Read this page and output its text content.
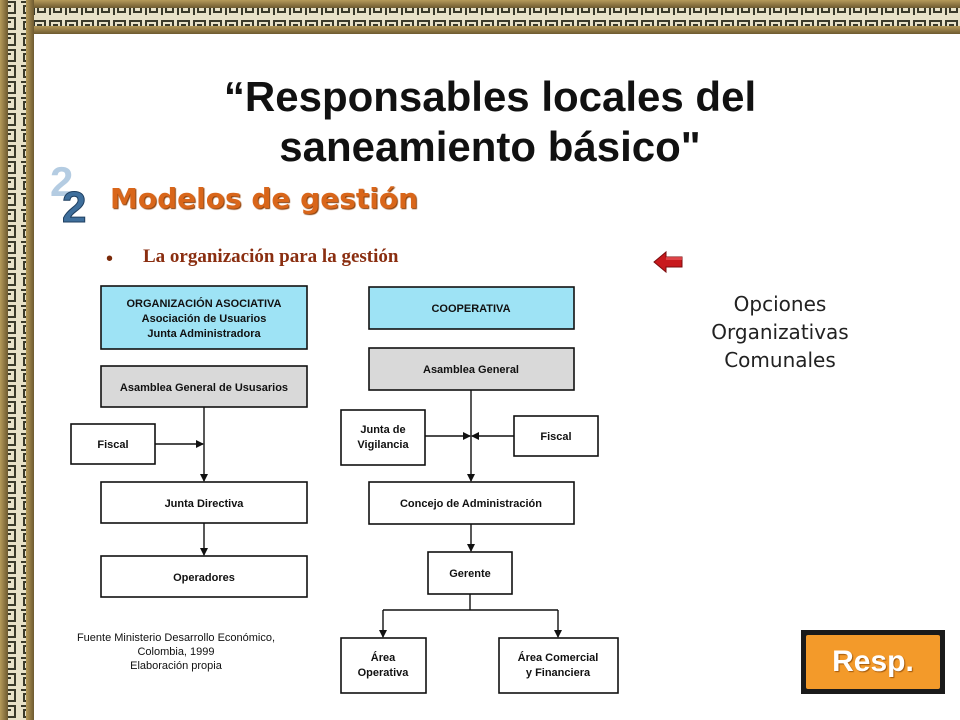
“Responsables locales del
saneamiento básico"
2
2 Modelos de gestión
• La organización para la gestión
Opciones
Organizativas
Comunales
ORGANIZACIÓN ASOCIATIVA
Asociación de Usuarios
Junta Administradora
Asamblea General de Ususarios
Fiscal
Junta Directiva
Operadores
Fuente Ministerio Desarrollo Económico,
Colombia, 1999
Elaboración propia
COOPERATIVA
Asamblea General
Junta de
Vigilancia
Fiscal
Concejo de Administración
Gerente
Área
Operativa
Área Comercial
y Financiera	Resp.
